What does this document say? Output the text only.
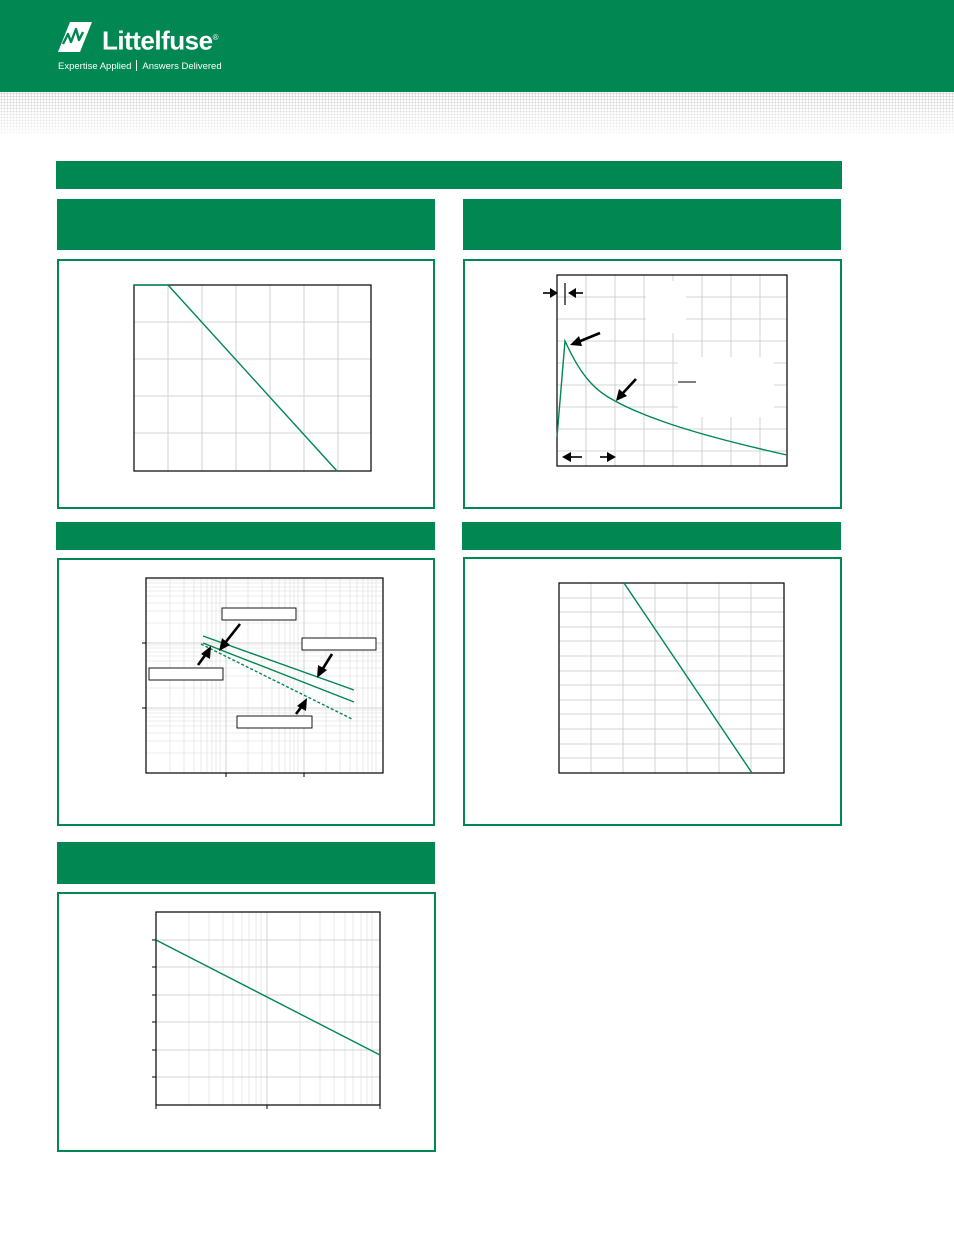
Littelfuse®
Expertise Applied Answers Delivered
